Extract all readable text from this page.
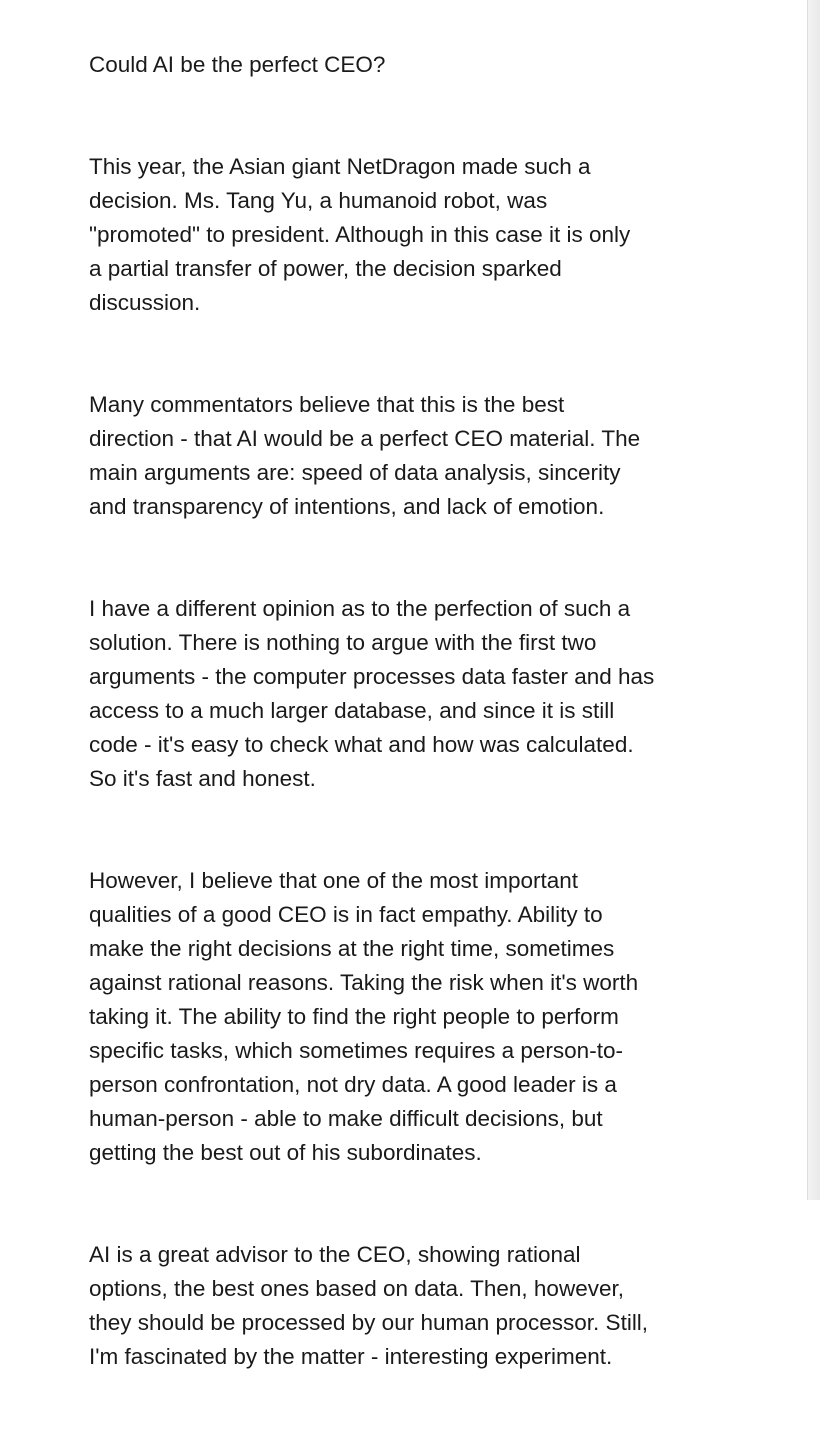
Could AI be the perfect CEO?

This year, the Asian giant NetDragon made such a
decision. Ms. Tang Yu, a humanoid robot, was
"promoted" to president. Although in this case it is only
a partial transfer of power, the decision sparked
discussion.

Many commentators believe that this is the best
direction - that AI would be a perfect CEO material. The
main arguments are: speed of data analysis, sincerity
and transparency of intentions, and lack of emotion.

I have a different opinion as to the perfection of such a
solution. There is nothing to argue with the first two
arguments - the computer processes data faster and has
access to a much larger database, and since it is still
code - it's easy to check what and how was calculated.
So it's fast and honest.

However, I believe that one of the most important
qualities of a good CEO is in fact empathy. Ability to
make the right decisions at the right time, sometimes
against rational reasons. Taking the risk when it's worth
taking it. The ability to find the right people to perform
specific tasks, which sometimes requires a person-to-
person confrontation, not dry data. A good leader is a
human-person - able to make difficult decisions, but
getting the best out of his subordinates.

AI is a great advisor to the CEO, showing rational
options, the best ones based on data. Then, however,
they should be processed by our human processor. Still,
I'm fascinated by the matter - interesting experiment.
